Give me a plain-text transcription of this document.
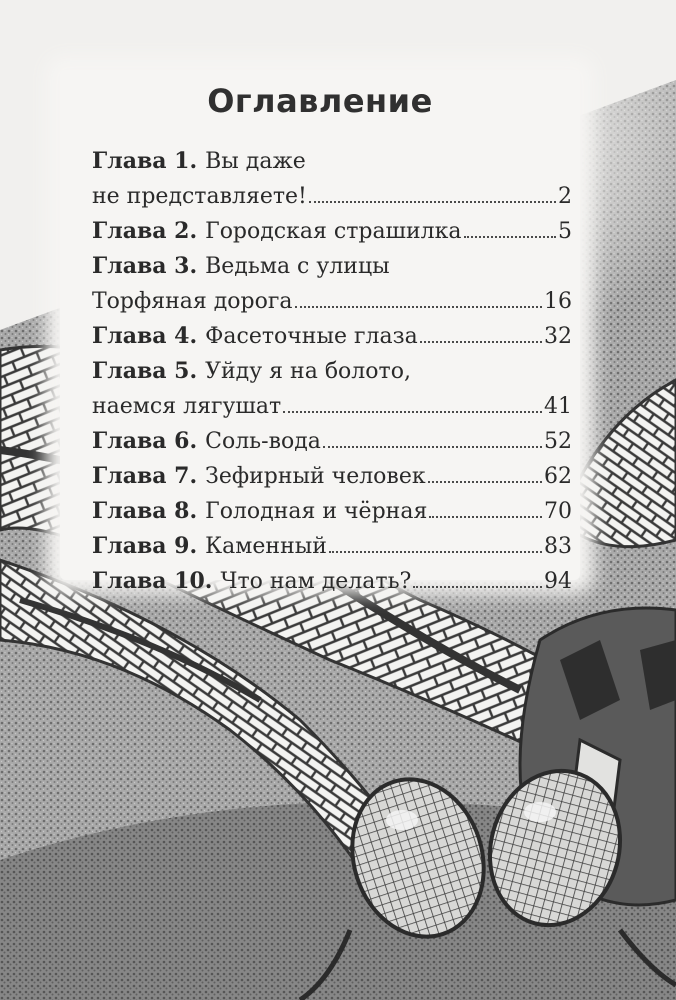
Оглавление
Глава 1. Вы даже
не представляете!	2
Глава 2. Городская страшилка	5
Глава 3. Ведьма с улицы
Торфяная дорога	16
Глава 4. Фасеточные глаза	32
Глава 5. Уйду я на болото,
наемся лягушат	41
Глава 6. Соль-вода	52
Глава 7. Зефирный человек	62
Глава 8. Голодная и чёрная	70
Глава 9. Каменный	83
Глава 10. Что нам делать?	94
